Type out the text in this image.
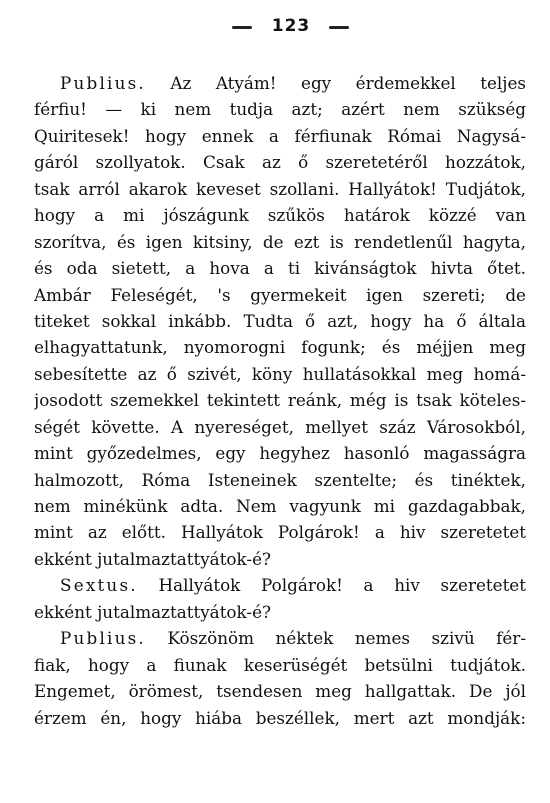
123
Publius. Az Atyám! egy érdemekkel teljes
férfiu! — ki nem tudja azt; azért nem szükség
Quiritesek! hogy ennek a férfiunak Római Nagysá-
gáról szollyatok. Csak az ő szeretetéről hozzátok,
tsak arról akarok keveset szollani. Hallyátok! Tudjátok,
hogy a mi jószágunk szűkös határok közzé van
szorítva, és igen kitsiny, de ezt is rendetlenűl hagyta,
és oda sietett, a hova a ti kivánságtok hivta őtet.
Ambár Feleségét, 's gyermekeit igen szereti; de
titeket sokkal inkább. Tudta ő azt, hogy ha ő általa
elhagyattatunk, nyomorogni fogunk; és méjjen meg
sebesítette az ő szivét, köny hullatásokkal meg homá-
josodott szemekkel tekintett reánk, még is tsak köteles-
ségét követte. A nyereséget, mellyet száz Városokból,
mint győzedelmes, egy hegyhez hasonló magasságra
halmozott, Róma Isteneinek szentelte; és tinéktek,
nem minékünk adta. Nem vagyunk mi gazdagabbak,
mint az előtt. Hallyátok Polgárok! a hiv szeretetet
ekként jutalmaztattyátok-é?
Sextus. Hallyátok Polgárok! a hiv szeretetet
ekként jutalmaztattyátok-é?
Publius. Köszönöm néktek nemes szivü fér-
fiak, hogy a fiunak keserüségét betsülni tudjátok.
Engemet, örömest, tsendesen meg hallgattak. De jól
érzem én, hogy hiába beszéllek, mert azt mondják:
